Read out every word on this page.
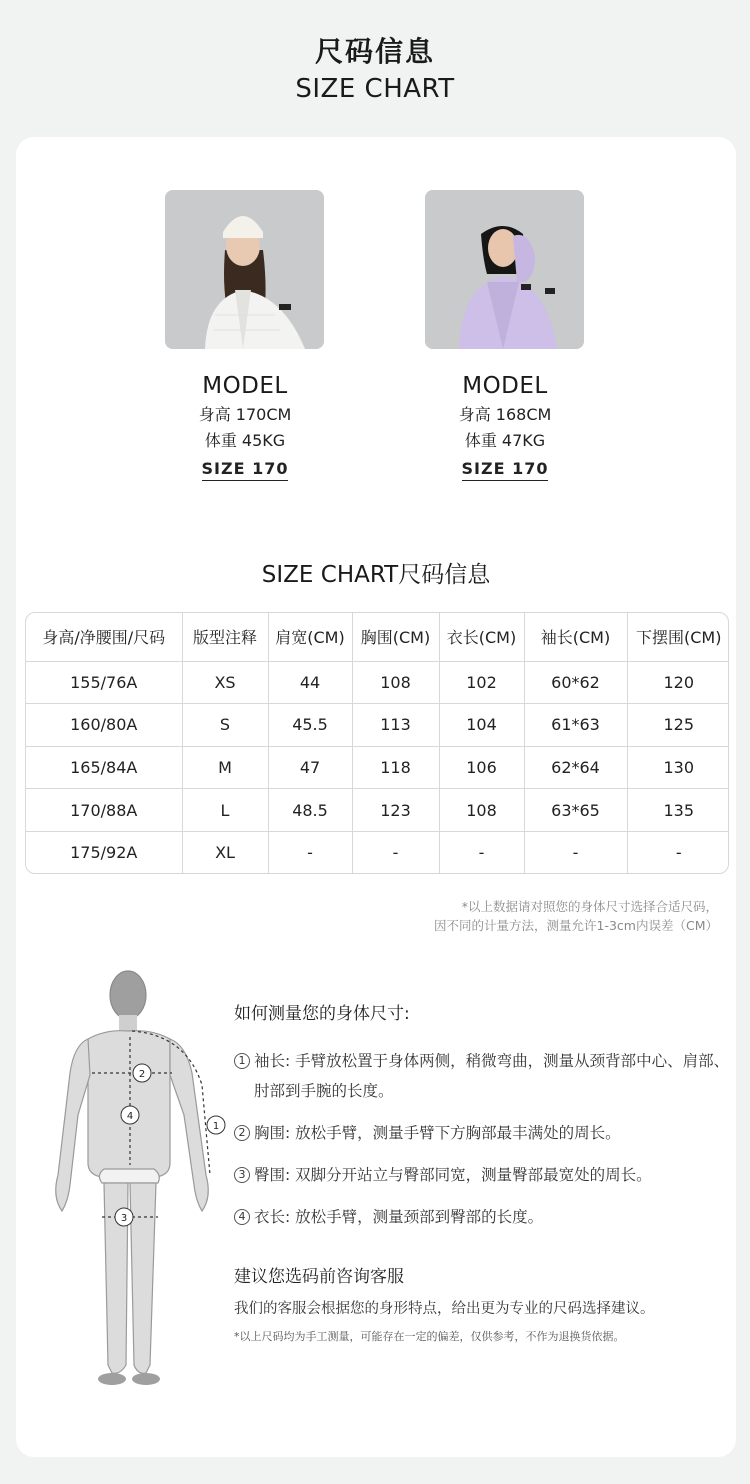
尺码信息
SIZE CHART
MODEL
身高 170CM
体重 45KG
SIZE 170
MODEL
身高 168CM
体重 47KG
SIZE 170
SIZE CHART尺码信息
身高/净腰围/尺码	版型注释	肩宽(CM)	胸围(CM)	衣长(CM)	袖长(CM)	下摆围(CM)
155/76A	XS	44	108	102	60*62	120
160/80A	S	45.5	113	104	61*63	125
165/84A	M	47	118	106	62*64	130
170/88A	L	48.5	123	108	63*65	135
175/92A	XL	-	-	-	-	-
*以上数据请对照您的身体尺寸选择合适尺码，
因不同的计量方法，测量允许1-3cm内误差（CM）
1
2
3
4
如何测量您的身体尺寸:
1 袖长: 手臂放松置于身体两侧，稍微弯曲，测量从颈背部中心、肩部、肘部到手腕的长度。
2 胸围: 放松手臂，测量手臂下方胸部最丰满处的周长。
3 臀围: 双脚分开站立与臀部同宽，测量臀部最宽处的周长。
4 衣长: 放松手臂，测量颈部到臀部的长度。
建议您选码前咨询客服
我们的客服会根据您的身形特点，给出更为专业的尺码选择建议。
*以上尺码均为手工测量，可能存在一定的偏差，仅供参考，不作为退换货依据。
